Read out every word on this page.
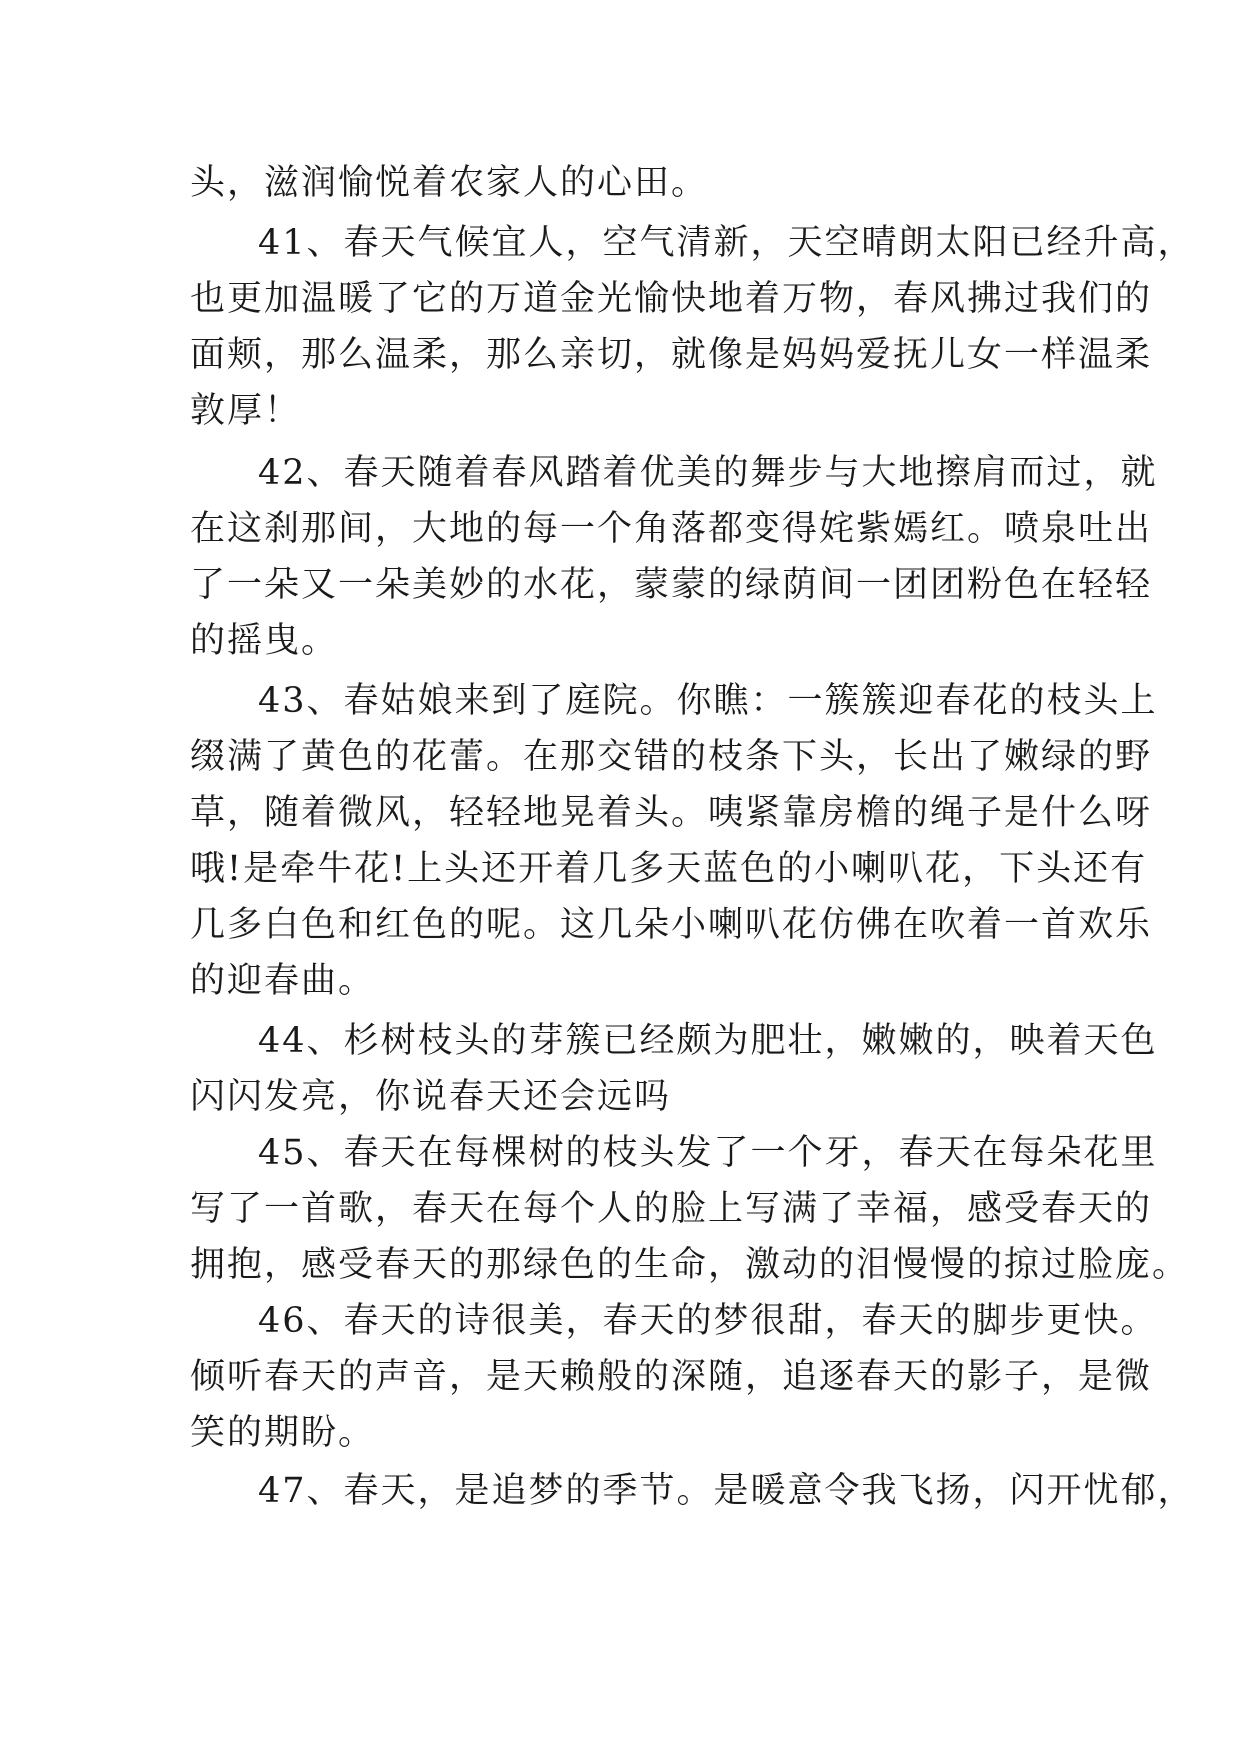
头，滋润愉悦着农家人的心田。
41、春天气候宜人，空气清新，天空晴朗太阳已经升高，
也更加温暖了它的万道金光愉快地着万物，春风拂过我们的
面颊，那么温柔，那么亲切，就像是妈妈爱抚儿女一样温柔
敦厚！
42、春天随着春风踏着优美的舞步与大地擦肩而过，就
在这刹那间，大地的每一个角落都变得姹紫嫣红。喷泉吐出
了一朵又一朵美妙的水花，蒙蒙的绿荫间一团团粉色在轻轻
的摇曳。
43、春姑娘来到了庭院。你瞧：一簇簇迎春花的枝头上
缀满了黄色的花蕾。在那交错的枝条下头，长出了嫩绿的野
草，随着微风，轻轻地晃着头。咦紧靠房檐的绳子是什么呀
哦!是牵牛花!上头还开着几多天蓝色的小喇叭花，下头还有
几多白色和红色的呢。这几朵小喇叭花仿佛在吹着一首欢乐
的迎春曲。
44、杉树枝头的芽簇已经颇为肥壮，嫩嫩的，映着天色
闪闪发亮，你说春天还会远吗
45、春天在每棵树的枝头发了一个牙，春天在每朵花里
写了一首歌，春天在每个人的脸上写满了幸福，感受春天的
拥抱，感受春天的那绿色的生命，激动的泪慢慢的掠过脸庞。
46、春天的诗很美，春天的梦很甜，春天的脚步更快。
倾听春天的声音，是天赖般的深随，追逐春天的影子，是微
笑的期盼。
47、春天，是追梦的季节。是暖意令我飞扬，闪开忧郁，
